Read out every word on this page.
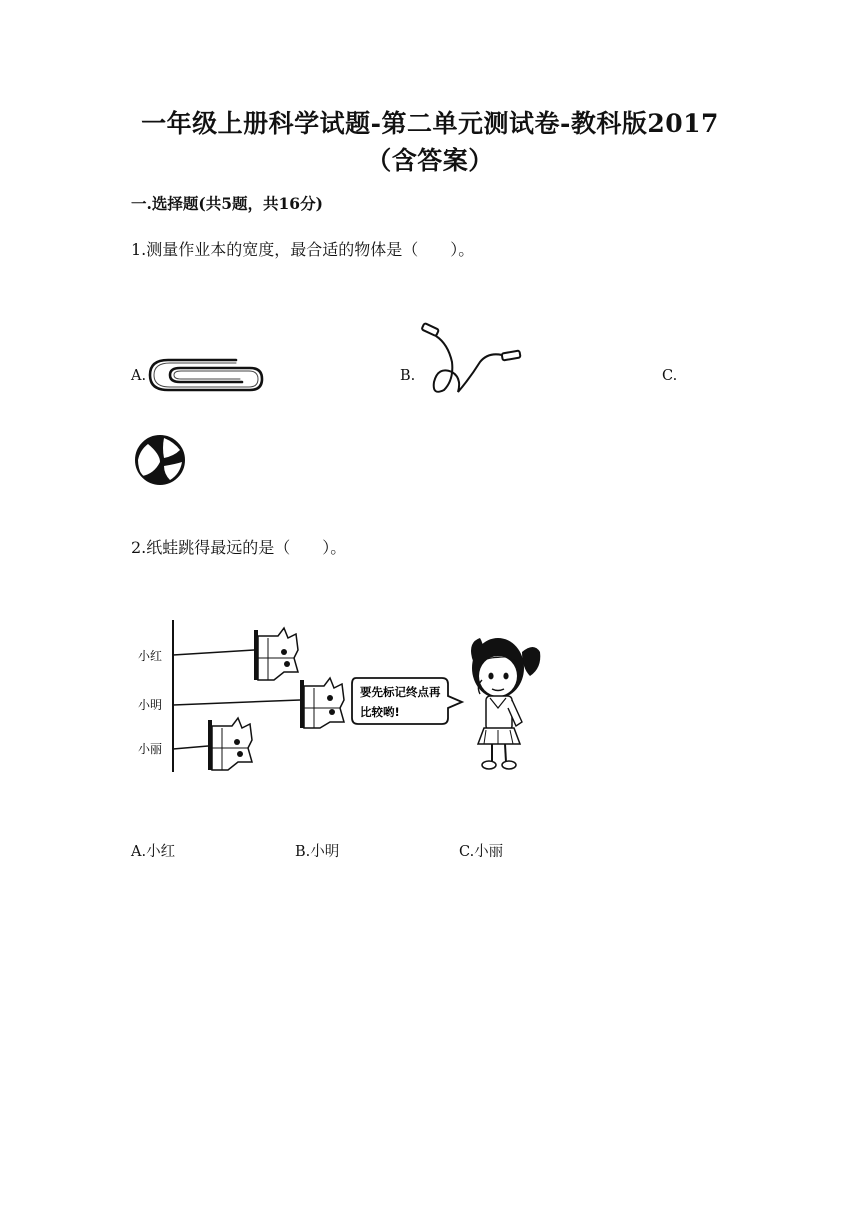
一年级上册科学试题-第二单元测试卷-教科版2017
（含答案）
一.选择题(共5题，共16分)
1.测量作业本的宽度，最合适的物体是（　　）。
A.	B.	C.
2.纸蛙跳得最远的是（　　）。
小红
小明
小丽
要先标记终点再
比较哟!
A.小红	B.小明	C.小丽
